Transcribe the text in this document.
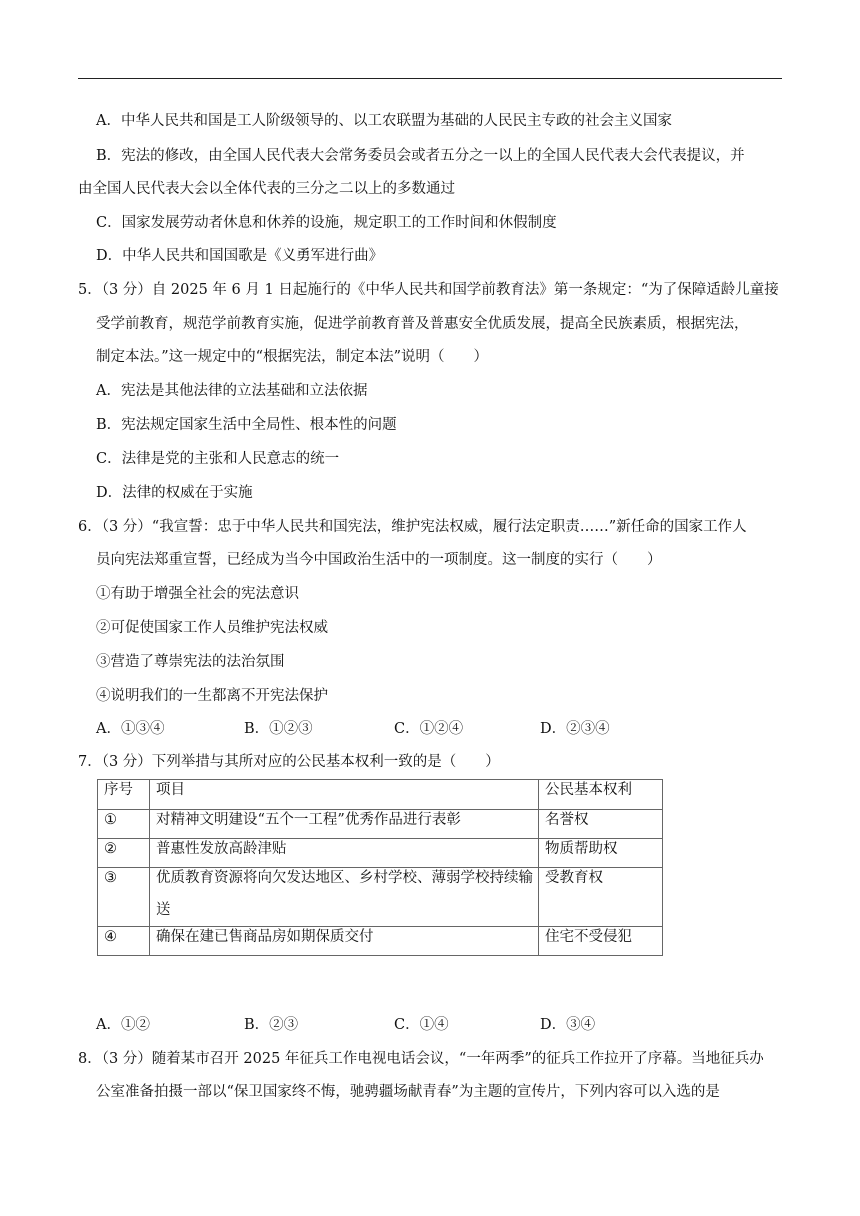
A．中华人民共和国是工人阶级领导的、以工农联盟为基础的人民民主专政的社会主义国家
B．宪法的修改，由全国人民代表大会常务委员会或者五分之一以上的全国人民代表大会代表提议，并
由全国人民代表大会以全体代表的三分之二以上的多数通过
C．国家发展劳动者休息和休养的设施，规定职工的工作时间和休假制度
D．中华人民共和国国歌是《义勇军进行曲》
5．（3 分）自 2025 年 6 月 1 日起施行的《中华人民共和国学前教育法》第一条规定：“为了保障适龄儿童接
受学前教育，规范学前教育实施，促进学前教育普及普惠安全优质发展，提高全民族素质，根据宪法，
制定本法。”这一规定中的“根据宪法，制定本法”说明（　　）
A．宪法是其他法律的立法基础和立法依据
B．宪法规定国家生活中全局性、根本性的问题
C．法律是党的主张和人民意志的统一
D．法律的权威在于实施
6．（3 分）“我宣誓：忠于中华人民共和国宪法，维护宪法权威，履行法定职责……”新任命的国家工作人
员向宪法郑重宣誓，已经成为当今中国政治生活中的一项制度。这一制度的实行（　　）
①有助于增强全社会的宪法意识
②可促使国家工作人员维护宪法权威
③营造了尊崇宪法的法治氛围
④说明我们的一生都离不开宪法保护
A．①③④	B．①②③	C．①②④	D．②③④
7．（3 分）下列举措与其所对应的公民基本权利一致的是（　　）
序号	项目	公民基本权利
①	对精神文明建设“五个一工程”优秀作品进行表彰	名誉权
②	普惠性发放高龄津贴	物质帮助权
③	优质教育资源将向欠发达地区、乡村学校、薄弱学校持续输送	受教育权
④	确保在建已售商品房如期保质交付	住宅不受侵犯
A．①②	B．②③	C．①④	D．③④
8．（3 分）随着某市召开 2025 年征兵工作电视电话会议，“一年两季”的征兵工作拉开了序幕。当地征兵办
公室准备拍摄一部以“保卫国家终不悔，驰骋疆场献青春”为主题的宣传片，下列内容可以入选的是
